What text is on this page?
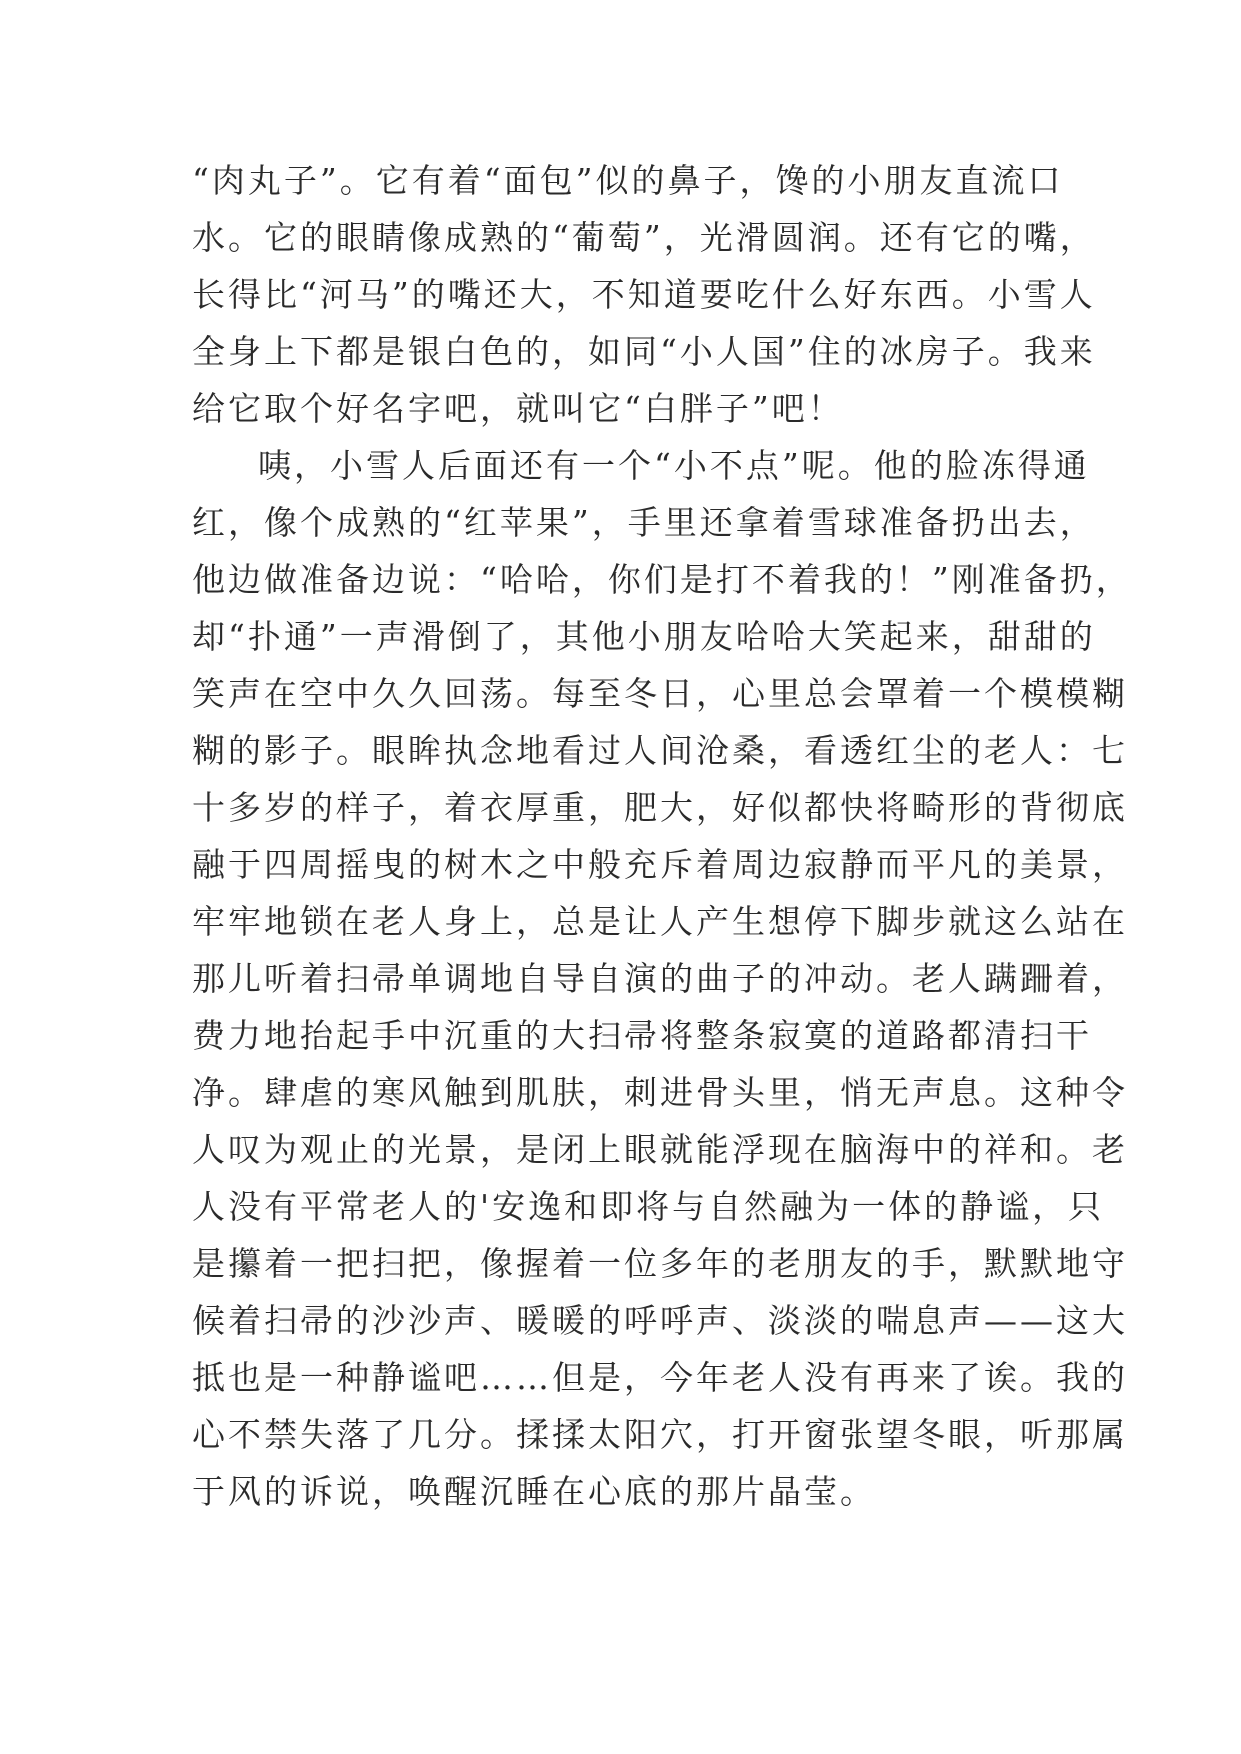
“肉丸子”。它有着“面包”似的鼻子，馋的小朋友直流口
水。它的眼睛像成熟的“葡萄”，光滑圆润。还有它的嘴，
长得比“河马”的嘴还大，不知道要吃什么好东西。小雪人
全身上下都是银白色的，如同“小人国”住的冰房子。我来
给它取个好名字吧，就叫它“白胖子”吧！
咦，小雪人后面还有一个“小不点”呢。他的脸冻得通
红，像个成熟的“红苹果”，手里还拿着雪球准备扔出去，
他边做准备边说：“哈哈，你们是打不着我的！”刚准备扔，
却“扑通”一声滑倒了，其他小朋友哈哈大笑起来，甜甜的
笑声在空中久久回荡。每至冬日，心里总会罩着一个模模糊
糊的影子。眼眸执念地看过人间沧桑，看透红尘的老人：七
十多岁的样子，着衣厚重，肥大，好似都快将畸形的背彻底
融于四周摇曳的树木之中般充斥着周边寂静而平凡的美景，
牢牢地锁在老人身上，总是让人产生想停下脚步就这么站在
那儿听着扫帚单调地自导自演的曲子的冲动。老人蹒跚着，
费力地抬起手中沉重的大扫帚将整条寂寞的道路都清扫干
净。肆虐的寒风触到肌肤，刺进骨头里，悄无声息。这种令
人叹为观止的光景，是闭上眼就能浮现在脑海中的祥和。老
人没有平常老人的'安逸和即将与自然融为一体的静谧，只
是攥着一把扫把，像握着一位多年的老朋友的手，默默地守
候着扫帚的沙沙声、暖暖的呼呼声、淡淡的喘息声——这大
抵也是一种静谧吧……但是，今年老人没有再来了诶。我的
心不禁失落了几分。揉揉太阳穴，打开窗张望冬眼，听那属
于风的诉说，唤醒沉睡在心底的那片晶莹。
